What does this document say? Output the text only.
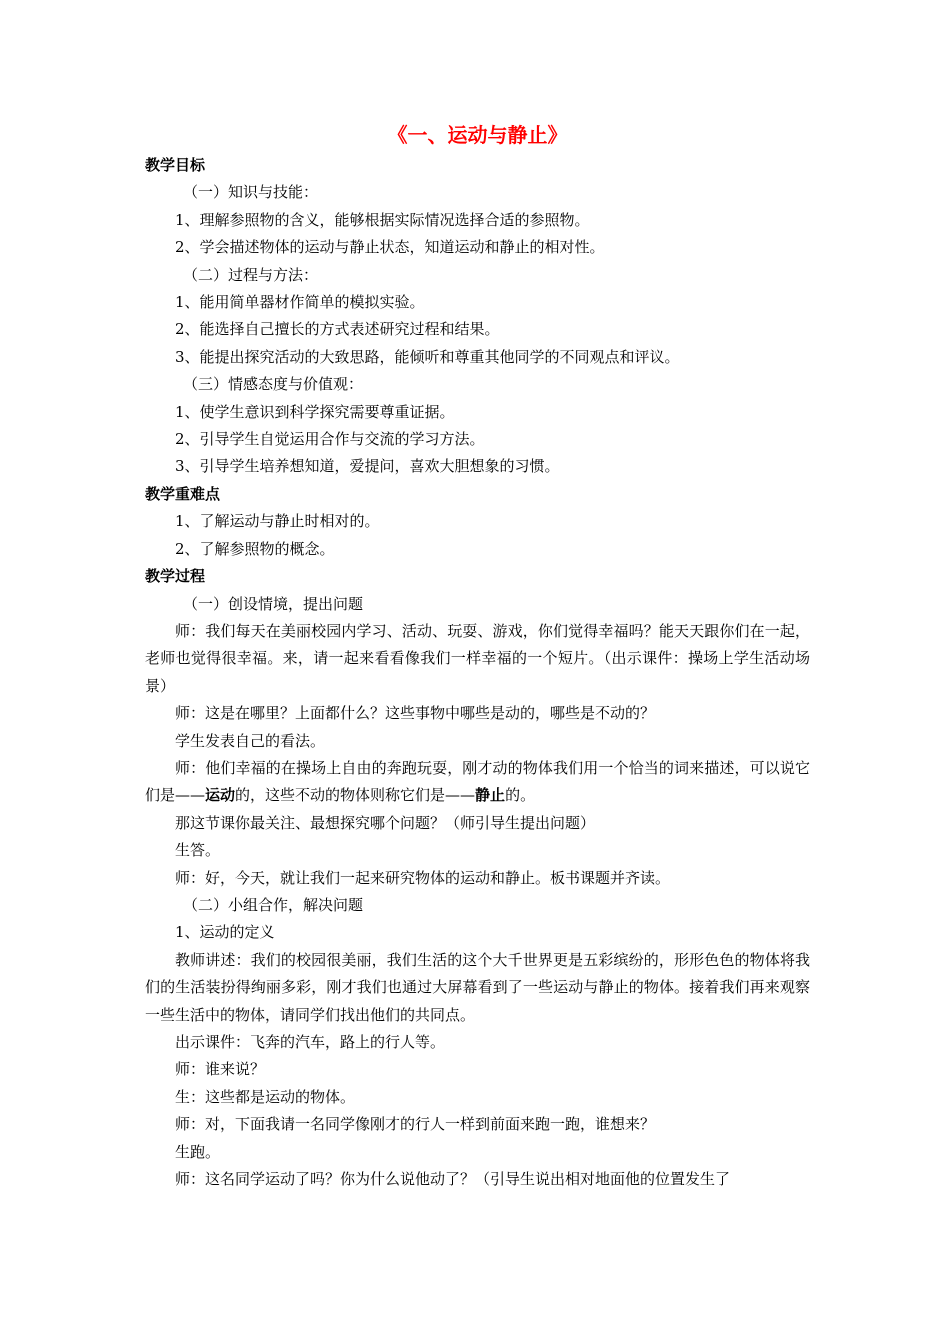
《一、运动与静止》
教学目标
（一）知识与技能：
1、理解参照物的含义，能够根据实际情况选择合适的参照物。
2、学会描述物体的运动与静止状态，知道运动和静止的相对性。
（二）过程与方法：
1、能用简单器材作简单的模拟实验。
2、能选择自己擅长的方式表述研究过程和结果。
3、能提出探究活动的大致思路，能倾听和尊重其他同学的不同观点和评议。
（三）情感态度与价值观：
1、使学生意识到科学探究需要尊重证据。
2、引导学生自觉运用合作与交流的学习方法。
3、引导学生培养想知道，爱提问，喜欢大胆想象的习惯。
教学重难点
1、了解运动与静止时相对的。
2、了解参照物的概念。
教学过程
（一）创设情境，提出问题
师：我们每天在美丽校园内学习、活动、玩耍、游戏，你们觉得幸福吗？能天天跟你们在一起，老师也觉得很幸福。来，请一起来看看像我们一样幸福的一个短片。（出示课件：操场上学生活动场景）
师：这是在哪里？上面都什么？这些事物中哪些是动的，哪些是不动的？
学生发表自己的看法。
师：他们幸福的在操场上自由的奔跑玩耍，刚才动的物体我们用一个恰当的词来描述，可以说它们是——运动的，这些不动的物体则称它们是——静止的。
那这节课你最关注、最想探究哪个问题？（师引导生提出问题）
生答。
师：好，今天，就让我们一起来研究物体的运动和静止。板书课题并齐读。
（二）小组合作，解决问题
1、运动的定义
教师讲述：我们的校园很美丽，我们生活的这个大千世界更是五彩缤纷的，形形色色的物体将我们的生活装扮得绚丽多彩，刚才我们也通过大屏幕看到了一些运动与静止的物体。接着我们再来观察一些生活中的物体，请同学们找出他们的共同点。
出示课件：飞奔的汽车，路上的行人等。
师：谁来说？
生：这些都是运动的物体。
师：对，下面我请一名同学像刚才的行人一样到前面来跑一跑，谁想来？
生跑。
师：这名同学运动了吗？你为什么说他动了？（引导生说出相对地面他的位置发生了
